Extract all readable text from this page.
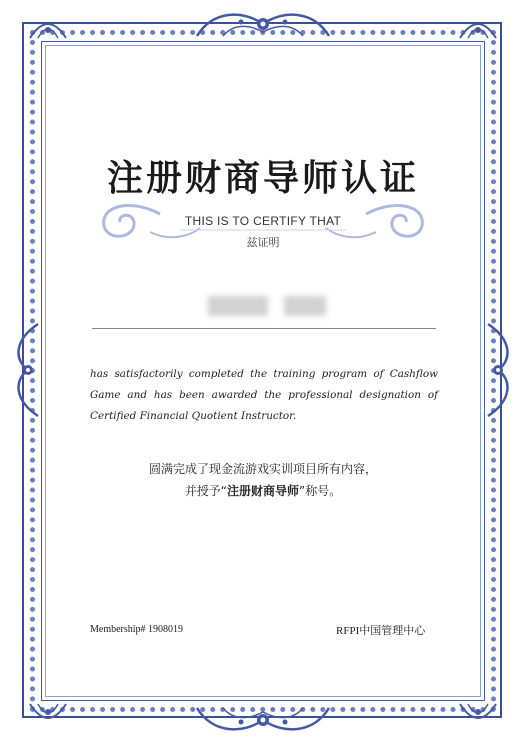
注册财商导师认证
THIS IS TO CERTIFY THAT
兹证明
has satisfactorily completed the training program of Cashflow Game and has been awarded the professional designation of Certified Financial Quotient Instructor.
圆满完成了现金流游戏实训项目所有内容，
并授予“注册财商导师”称号。
Membership# 1908019	RFPI中国管理中心
